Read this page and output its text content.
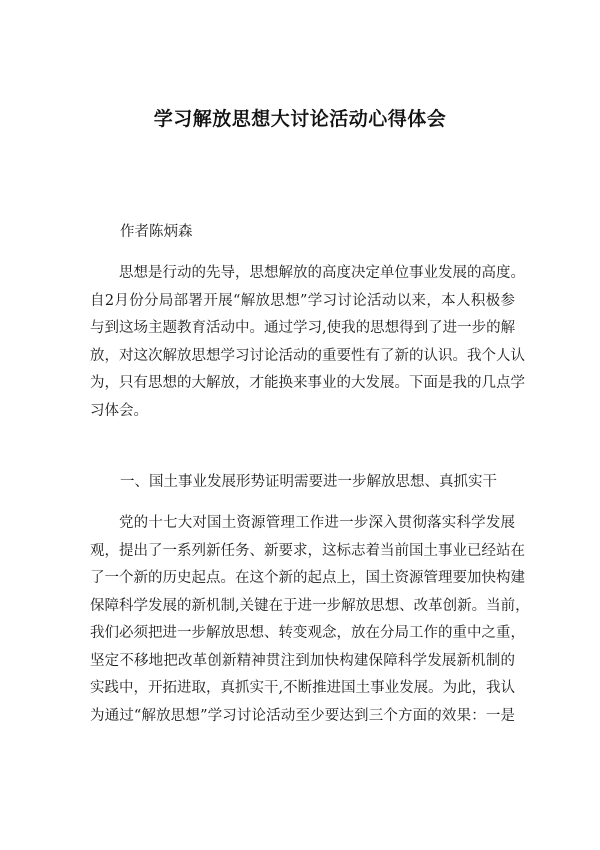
学习解放思想大讨论活动心得体会
作者陈炳森
思想是行动的先导，思想解放的高度决定单位事业发展的高度。
自2月份分局部署开展“解放思想”学习讨论活动以来，本人积极参
与到这场主题教育活动中。通过学习,使我的思想得到了进一步的解
放，对这次解放思想学习讨论活动的重要性有了新的认识。我个人认
为，只有思想的大解放，才能换来事业的大发展。下面是我的几点学
习体会。
一、国土事业发展形势证明需要进一步解放思想、真抓实干
党的十七大对国土资源管理工作进一步深入贯彻落实科学发展
观，提出了一系列新任务、新要求，这标志着当前国土事业已经站在
了一个新的历史起点。在这个新的起点上，国土资源管理要加快构建
保障科学发展的新机制,关键在于进一步解放思想、改革创新。当前，
我们必须把进一步解放思想、转变观念，放在分局工作的重中之重，
坚定不移地把改革创新精神贯注到加快构建保障科学发展新机制的
实践中，开拓进取，真抓实干,不断推进国土事业发展。为此，我认
为通过“解放思想”学习讨论活动至少要达到三个方面的效果：一是
